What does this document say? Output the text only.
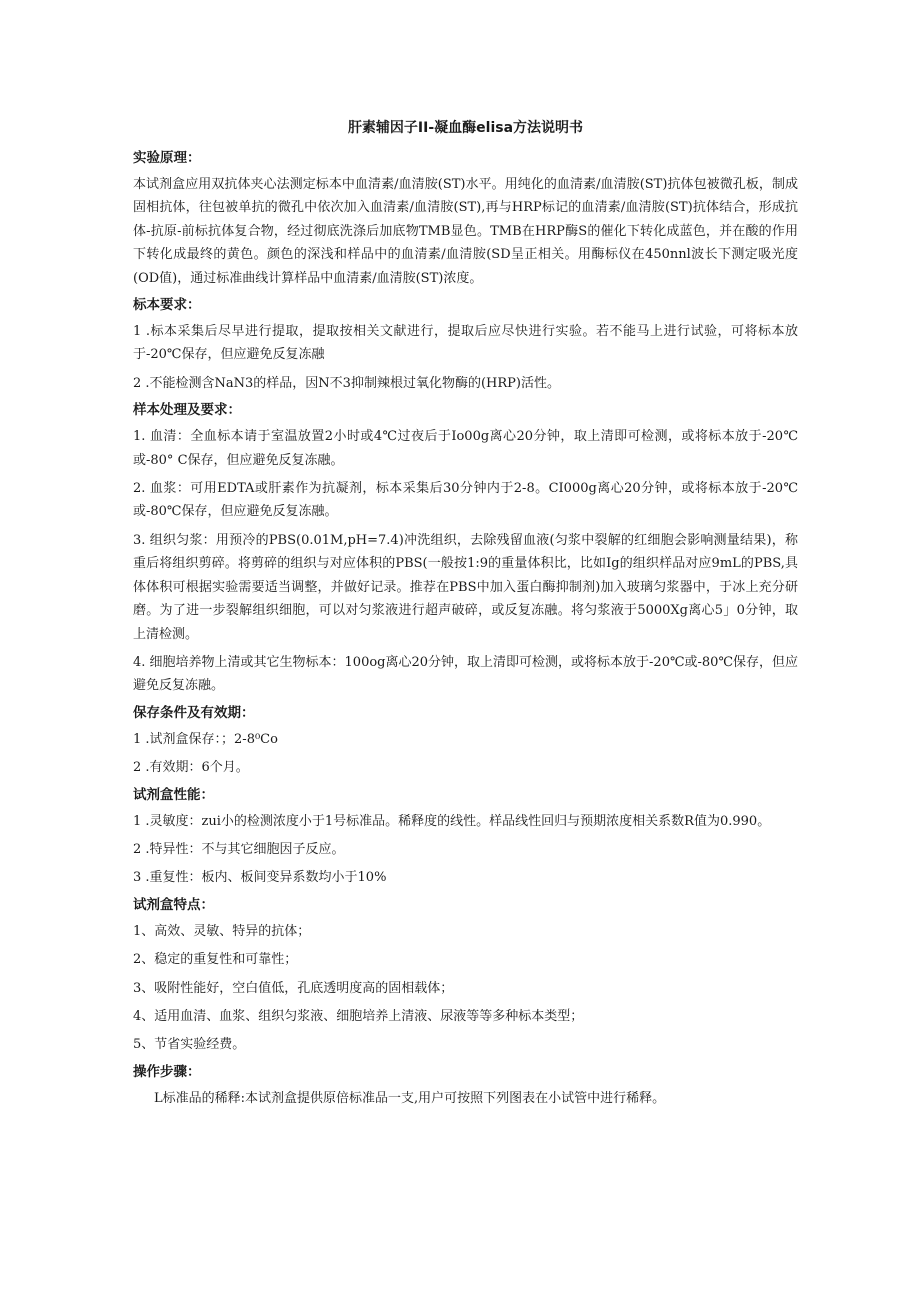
肝素辅因子II-凝血酶elisa方法说明书
实验原理：
本试剂盒应用双抗体夹心法测定标本中血清素/血清胺(ST)水平。用纯化的血清素/血清胺(ST)抗体包被微孔板，制成固相抗体，往包被单抗的微孔中依次加入血清素/血清胺(ST),再与HRP标记的血清素/血清胺(ST)抗体结合，形成抗体-抗原-前标抗体复合物，经过彻底洗涤后加底物TMB显色。TMB在HRP酶S的催化下转化成蓝色，并在酸的作用下转化成最终的黄色。颜色的深浅和样品中的血清素/血清胺(SD呈正相关。用酶标仪在450nnl波长下测定吸光度(OD值)，通过标准曲线计算样品中血清素/血清胺(ST)浓度。
标本要求：
1 .标本采集后尽早进行提取，提取按相关文献进行，提取后应尽快进行实验。若不能马上进行试验，可将标本放于-20℃保存，但应避免反复冻融
2 .不能检测含NaN3的样品，因N不3抑制辣根过氧化物酶的(HRP)活性。
样本处理及要求：
1. 血清：全血标本请于室温放置2小时或4℃过夜后于Io00g离心20分钟，取上清即可检测，或将标本放于-20℃或-80° C保存，但应避免反复冻融。
2. 血浆：可用EDTA或肝素作为抗凝剂，标本采集后30分钟内于2-8。CI000g离心20分钟，或将标本放于-20℃或-80℃保存，但应避免反复冻融。
3. 组织匀浆：用预冷的PBS(0.01M,pH=7.4)冲洗组织，去除残留血液(匀浆中裂解的红细胞会影响测量结果)，称重后将组织剪碎。将剪碎的组织与对应体积的PBS(一般按1:9的重量体积比，比如Ig的组织样品对应9mL的PBS,具体体积可根据实验需要适当调整，并做好记录。推荐在PBS中加入蛋白酶抑制剂)加入玻璃匀浆器中，于冰上充分研磨。为了进一步裂解组织细胞，可以对匀浆液进行超声破碎，或反复冻融。将匀浆液于5000Xg离心5」0分钟，取上清检测。
4. 细胞培养物上清或其它生物标本：100og离心20分钟，取上清即可检测，或将标本放于-20℃或-80℃保存，但应避免反复冻融。
保存条件及有效期：
1 .试剂盒保存：；2-8⁰Co
2 .有效期：6个月。
试剂盒性能：
1 .灵敏度：zui小的检测浓度小于1号标准品。稀释度的线性。样品线性回归与预期浓度相关系数R值为0.990。
2 .特异性：不与其它细胞因子反应。
3 .重复性：板内、板间变异系数均小于10%
试剂盒特点：
1、高效、灵敏、特异的抗体；
2、稳定的重复性和可靠性；
3、吸附性能好，空白值低，孔底透明度高的固相载体；
4、适用血清、血浆、组织匀浆液、细胞培养上清液、尿液等等多种标本类型；
5、节省实验经费。
操作步骤：
L标准品的稀释:本试剂盒提供原倍标准品一支,用户可按照下列图表在小试管中进行稀释。
